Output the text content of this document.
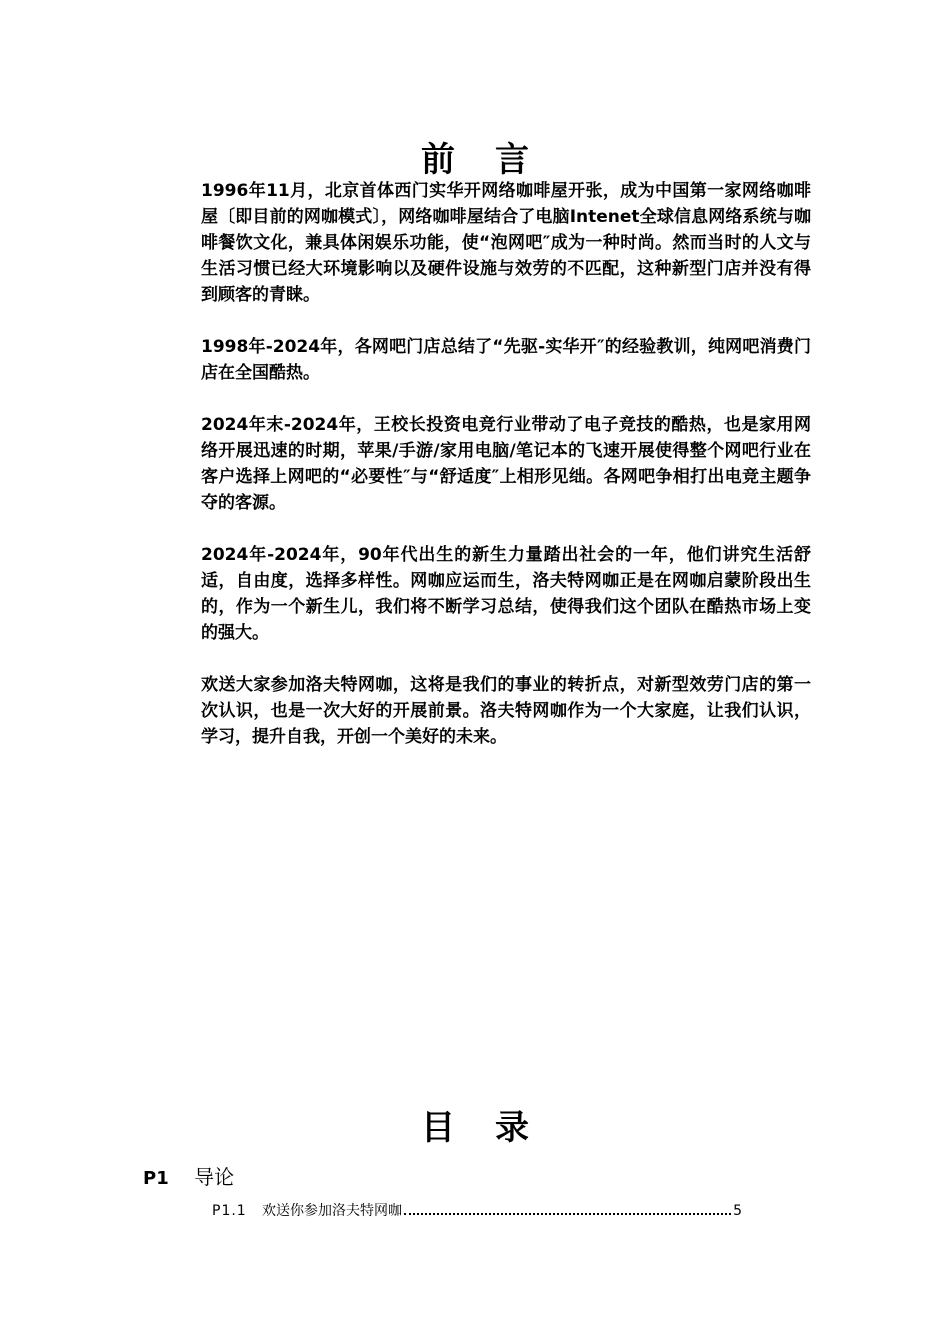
前言

1996年11月，北京首体西门实华开网络咖啡屋开张，成为中国第一家网络咖啡屋〔即目前的网咖模式〕，网络咖啡屋结合了电脑Intenet全球信息网络系统与咖啡餐饮文化，兼具体闲娱乐功能，使“泡网吧″成为一种时尚。然而当时的人文与生活习惯已经大环境影响以及硬件设施与效劳的不匹配，这种新型门店并没有得到顾客的青睐。

1998年-2024年，各网吧门店总结了“先驱-实华开″的经验教训，纯网吧消费门店在全国酷热。

2024年末-2024年，王校长投资电竞行业带动了电子竞技的酷热，也是家用网络开展迅速的时期，苹果/手游/家用电脑/笔记本的飞速开展使得整个网吧行业在客户选择上网吧的“必要性″与“舒适度″上相形见绌。各网吧争相打出电竞主题争夺的客源。

2024年-2024年，90年代出生的新生力量踏出社会的一年，他们讲究生活舒适，自由度，选择多样性。网咖应运而生，洛夫特网咖正是在网咖启蒙阶段出生的，作为一个新生儿，我们将不断学习总结，使得我们这个团队在酷热市场上变的强大。

欢送大家参加洛夫特网咖，这将是我们的事业的转折点，对新型效劳门店的第一次认识，也是一次大好的开展前景。洛夫特网咖作为一个大家庭，让我们认识，学习，提升自我，开创一个美好的未来。

目录
P1 导论
P1.1	欢送你参加洛夫特网咖	5
